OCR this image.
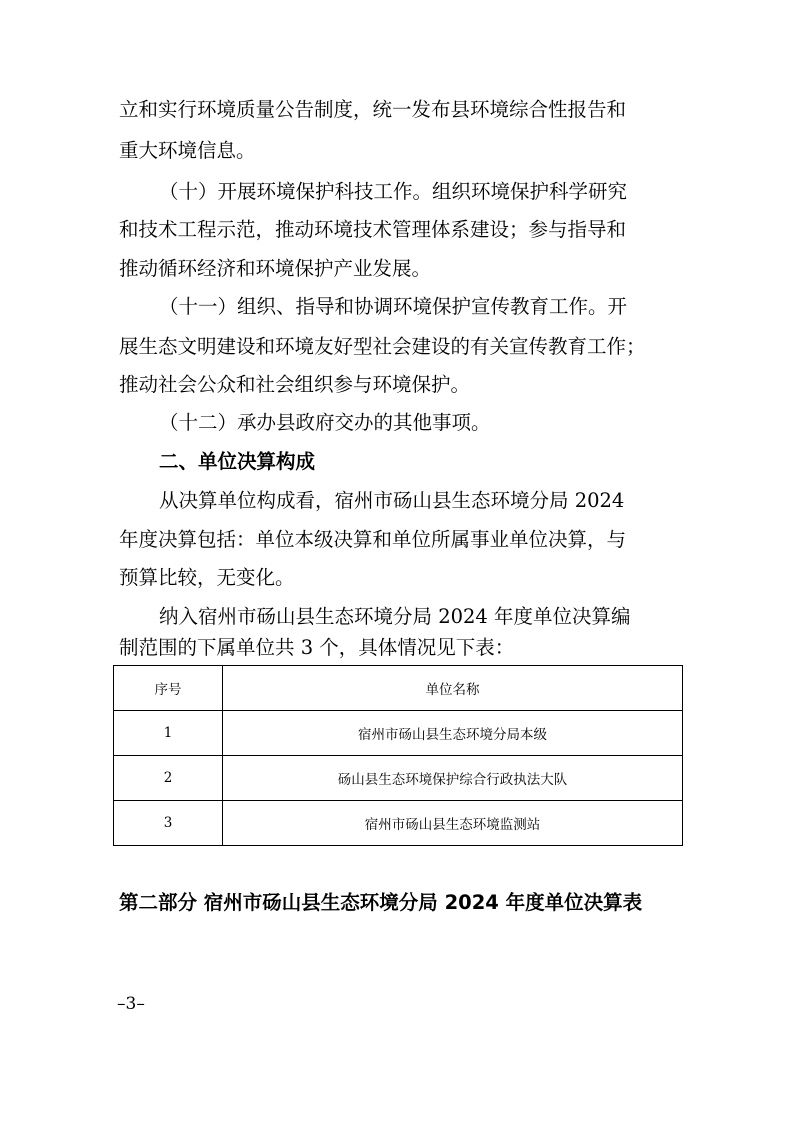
立和实行环境质量公告制度，统一发布县环境综合性报告和
重大环境信息。
（十）开展环境保护科技工作。组织环境保护科学研究
和技术工程示范，推动环境技术管理体系建设；参与指导和
推动循环经济和环境保护产业发展。
（十一）组织、指导和协调环境保护宣传教育工作。开
展生态文明建设和环境友好型社会建设的有关宣传教育工作；
推动社会公众和社会组织参与环境保护。
（十二）承办县政府交办的其他事项。
二、单位决算构成
从决算单位构成看，宿州市砀山县生态环境分局 2024
年度决算包括：单位本级决算和单位所属事业单位决算，与
预算比较，无变化。
纳入宿州市砀山县生态环境分局 2024 年度单位决算编
制范围的下属单位共 3 个，具体情况见下表：
序号	单位名称
1	宿州市砀山县生态环境分局本级
2	砀山县生态环境保护综合行政执法大队
3	宿州市砀山县生态环境监测站
第二部分 宿州市砀山县生态环境分局 2024 年度单位决算表
–3–
